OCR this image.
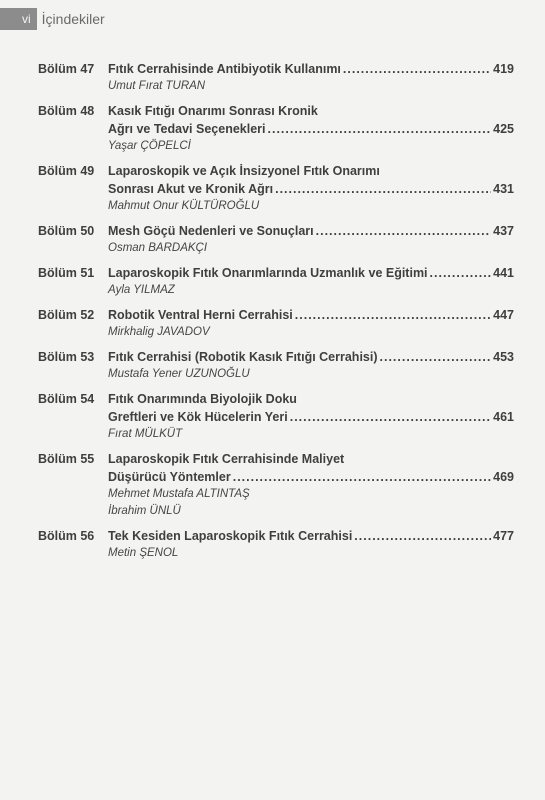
vi İçindekiler
Bölüm 47 Fıtık Cerrahisinde Antibiyotik Kullanımı .....	419
Umut Fırat TURAN
Bölüm 48 Kasık Fıtığı Onarımı Sonrası Kronik
Ağrı ve Tedavi Seçenekleri .....	425
Yaşar ÇÖPELCİ
Bölüm 49 Laparoskopik ve Açık İnsizyonel Fıtık Onarımı
Sonrası Akut ve Kronik Ağrı .....	431
Mahmut Onur KÜLTÜROĞLU
Bölüm 50 Mesh Göçü Nedenleri ve Sonuçları .....	437
Osman BARDAKÇI
Bölüm 51 Laparoskopik Fıtık Onarımlarında Uzmanlık ve Eğitimi .....	441
Ayla YILMAZ
Bölüm 52 Robotik Ventral Herni Cerrahisi .....	447
Mirkhalig JAVADOV
Bölüm 53 Fıtık Cerrahisi (Robotik Kasık Fıtığı Cerrahisi) .....	453
Mustafa Yener UZUNOĞLU
Bölüm 54 Fıtık Onarımında Biyolojik Doku
Greftleri ve Kök Hücelerin Yeri .....	461
Fırat MÜLKÜT
Bölüm 55 Laparoskopik Fıtık Cerrahisinde Maliyet
Düşürücü Yöntemler .....	469
Mehmet Mustafa ALTINTAŞ
İbrahim ÜNLÜ
Bölüm 56 Tek Kesiden Laparoskopik Fıtık Cerrahisi .....	477
Metin ŞENOL
